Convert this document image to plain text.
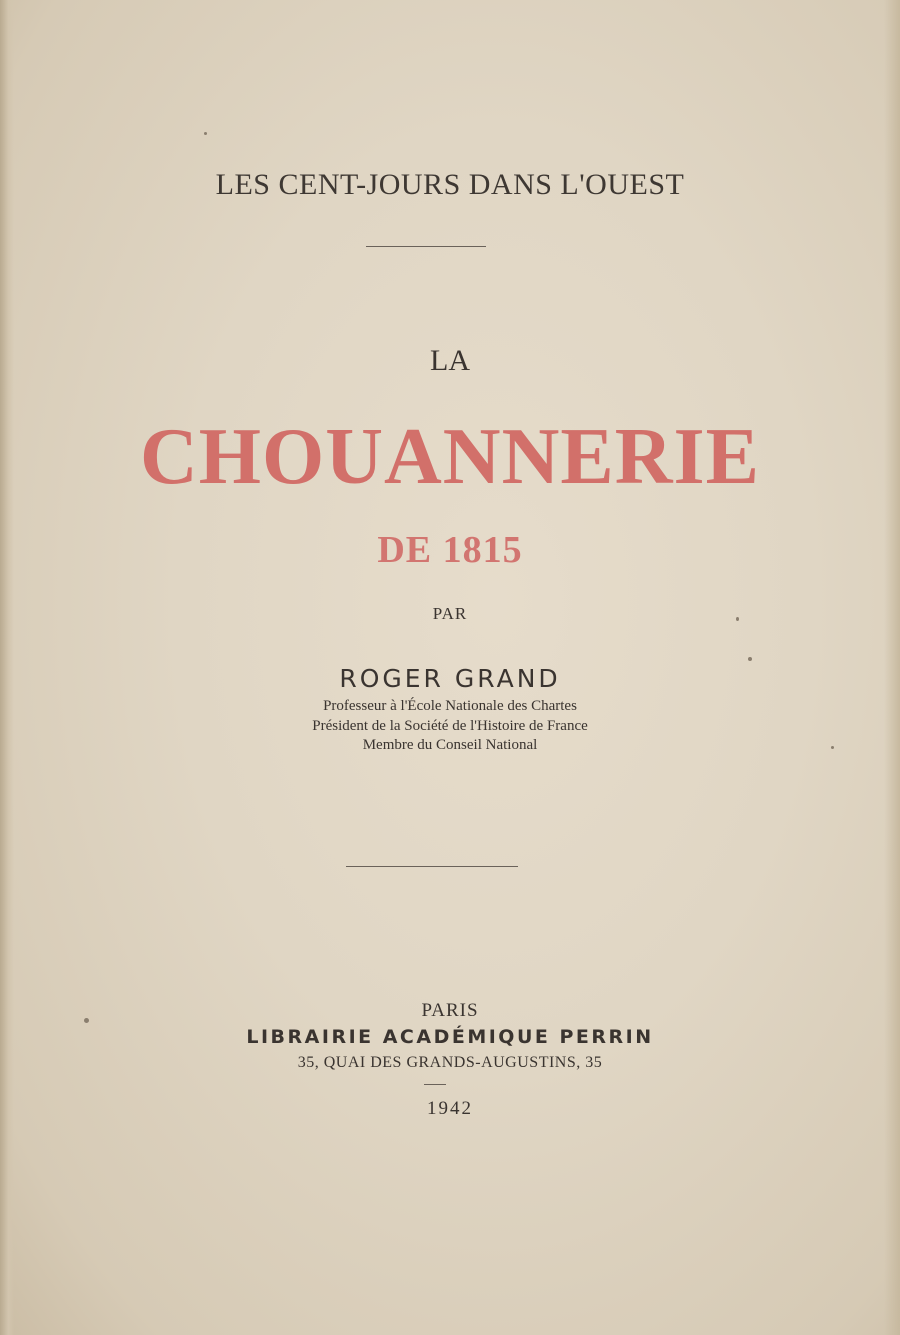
LES CENT-JOURS DANS L'OUEST
LA
CHOUANNERIE
DE 1815
PAR
ROGER GRAND
Professeur à l'École Nationale des Chartes
Président de la Société de l'Histoire de France
Membre du Conseil National
PARIS
LIBRAIRIE ACADÉMIQUE PERRIN
35, QUAI DES GRANDS-AUGUSTINS, 35
1942
